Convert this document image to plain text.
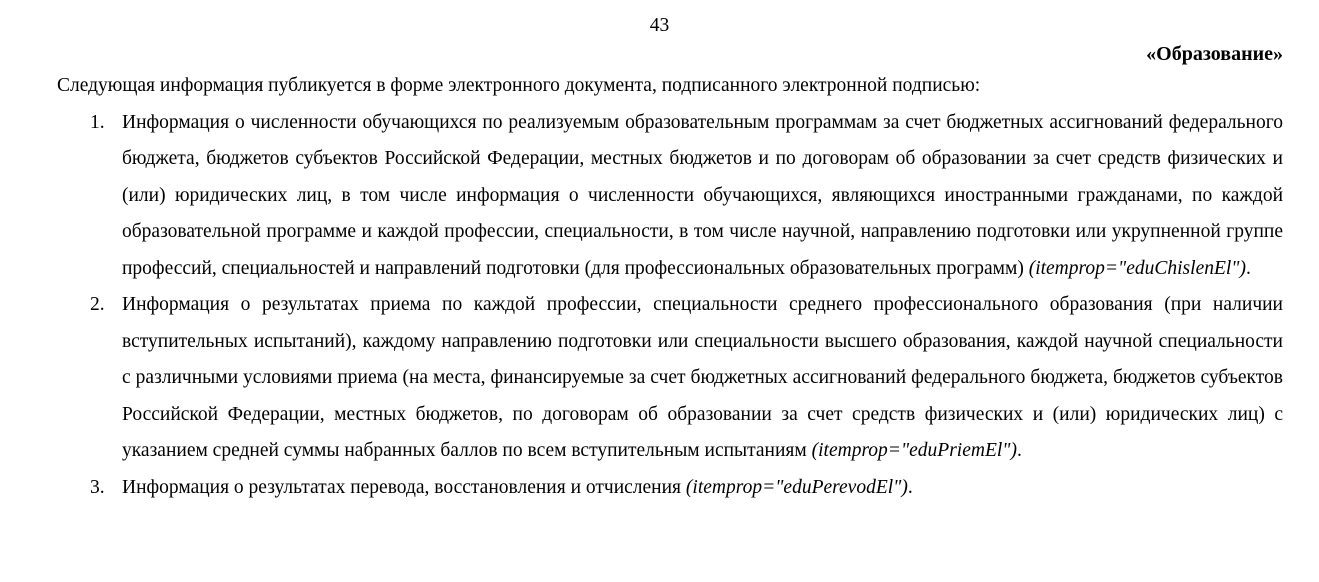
43
«Образование»

Следующая информация публикуется в форме электронного документа, подписанного электронной подписью:

1. Информация о численности обучающихся по реализуемым образовательным программам за счет бюджетных ассигнований федерального бюджета, бюджетов субъектов Российской Федерации, местных бюджетов и по договорам об образовании за счет средств физических и (или) юридических лиц, в том числе информация о численности обучающихся, являющихся иностранными гражданами, по каждой образовательной программе и каждой профессии, специальности, в том числе научной, направлению подготовки или укрупненной группе профессий, специальностей и направлений подготовки (для профессиональных образовательных программ) (itemprop="eduChislenEl").
2. Информация о результатах приема по каждой профессии, специальности среднего профессионального образования (при наличии вступительных испытаний), каждому направлению подготовки или специальности высшего образования, каждой научной специальности с различными условиями приема (на места, финансируемые за счет бюджетных ассигнований федерального бюджета, бюджетов субъектов Российской Федерации, местных бюджетов, по договорам об образовании за счет средств физических и (или) юридических лиц) с указанием средней суммы набранных баллов по всем вступительным испытаниям (itemprop="eduPriemEl").
3. Информация о результатах перевода, восстановления и отчисления (itemprop="eduPerevodEl").
